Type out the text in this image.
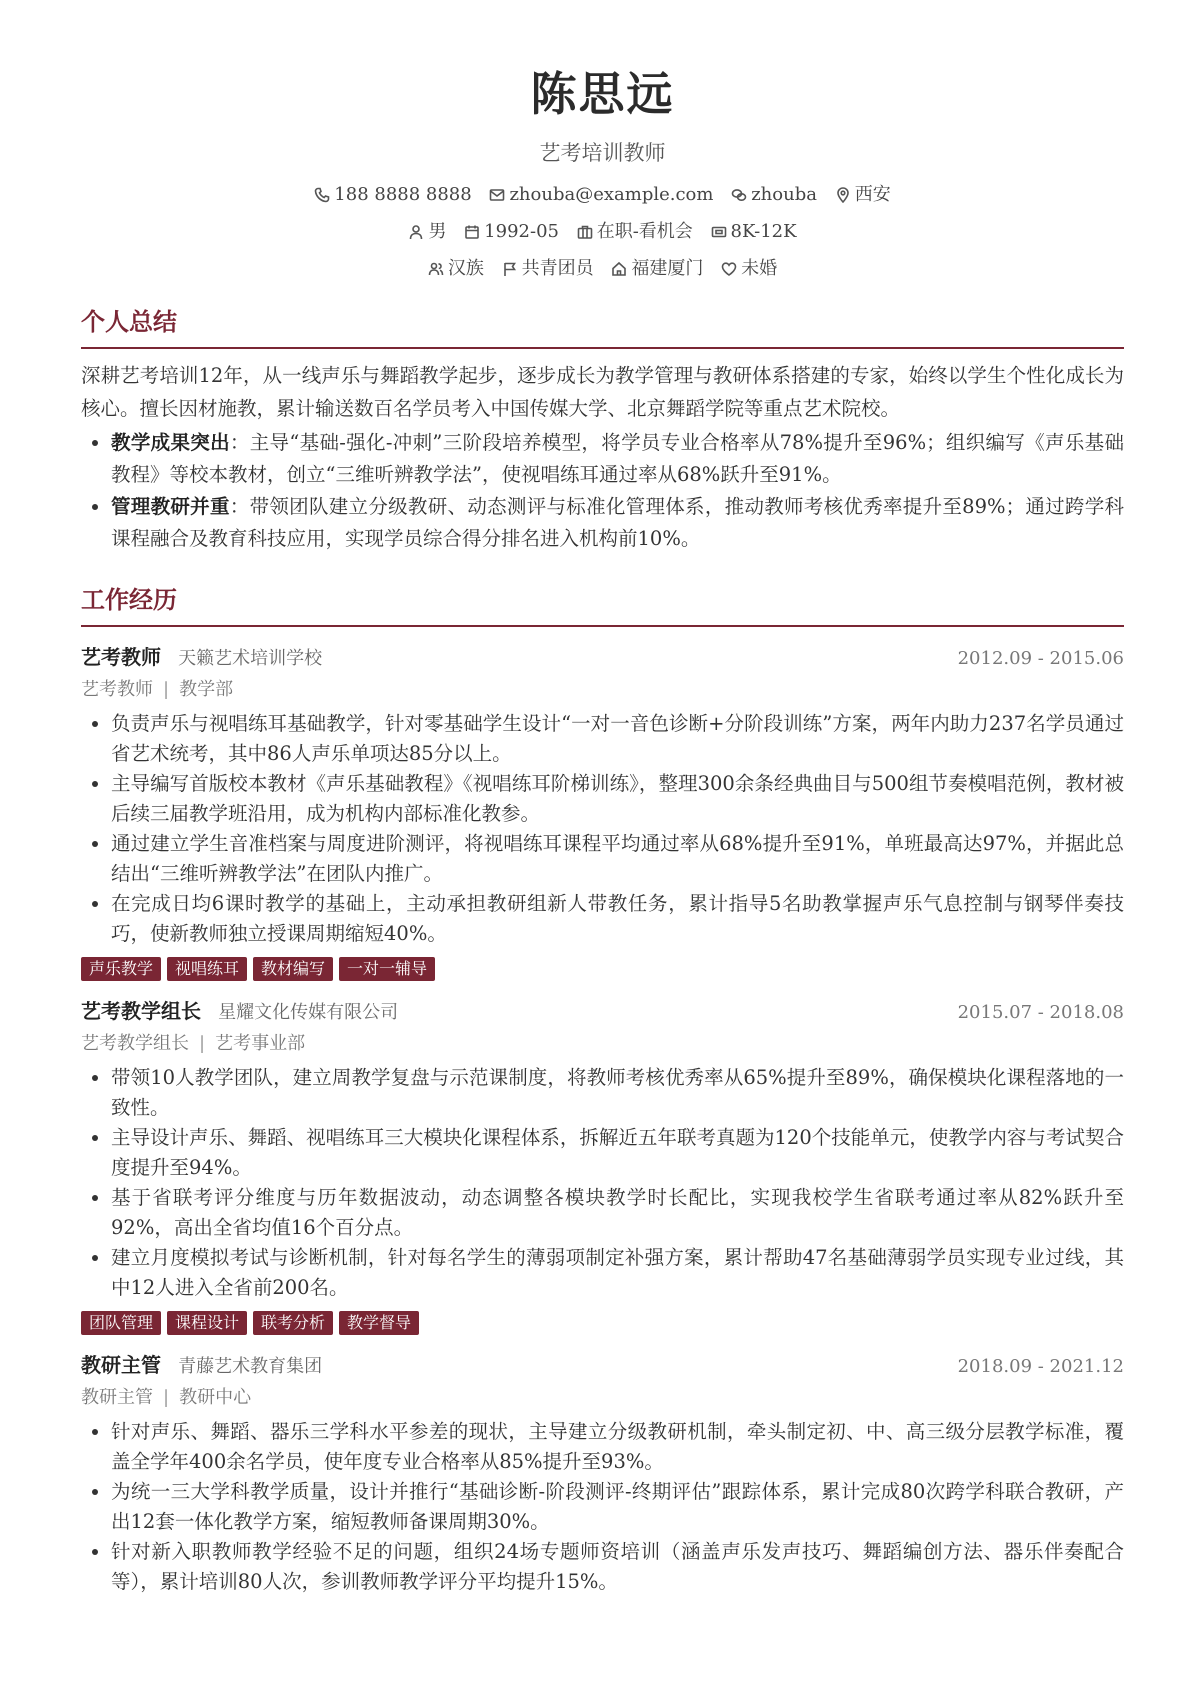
陈思远
艺考培训教师
188 8888 8888
zhouba@example.com
zhouba
西安
男
1992-05
在职-看机会
8K-12K
汉族
共青团员
福建厦门
未婚
个人总结
深耕艺考培训12年，从一线声乐与舞蹈教学起步，逐步成长为教学管理与教研体系搭建的专家，始终以学生个性化成长为核心。擅长因材施教，累计输送数百名学员考入中国传媒大学、北京舞蹈学院等重点艺术院校。
• 教学成果突出：主导“基础-强化-冲刺”三阶段培养模型，将学员专业合格率从78%提升至96%；组织编写《声乐基础教程》等校本教材，创立“三维听辨教学法”，使视唱练耳通过率从68%跃升至91%。
• 管理教研并重：带领团队建立分级教研、动态测评与标准化管理体系，推动教师考核优秀率提升至89%；通过跨学科课程融合及教育科技应用，实现学员综合得分排名进入机构前10%。
工作经历
艺考教师 天籁艺术培训学校	2012.09 - 2015.06
艺考教师 | 教学部
• 负责声乐与视唱练耳基础教学，针对零基础学生设计“一对一音色诊断+分阶段训练”方案，两年内助力237名学员通过省艺术统考，其中86人声乐单项达85分以上。
• 主导编写首版校本教材《声乐基础教程》《视唱练耳阶梯训练》，整理300余条经典曲目与500组节奏模唱范例，教材被后续三届教学班沿用，成为机构内部标准化教参。
• 通过建立学生音准档案与周度进阶测评，将视唱练耳课程平均通过率从68%提升至91%，单班最高达97%，并据此总结出“三维听辨教学法”在团队内推广。
• 在完成日均6课时教学的基础上，主动承担教研组新人带教任务，累计指导5名助教掌握声乐气息控制与钢琴伴奏技巧，使新教师独立授课周期缩短40%。
声乐教学	视唱练耳	教材编写	一对一辅导
艺考教学组长 星耀文化传媒有限公司	2015.07 - 2018.08
艺考教学组长 | 艺考事业部
• 带领10人教学团队，建立周教学复盘与示范课制度，将教师考核优秀率从65%提升至89%，确保模块化课程落地的一致性。
• 主导设计声乐、舞蹈、视唱练耳三大模块化课程体系，拆解近五年联考真题为120个技能单元，使教学内容与考试契合度提升至94%。
• 基于省联考评分维度与历年数据波动，动态调整各模块教学时长配比，实现我校学生省联考通过率从82%跃升至92%，高出全省均值16个百分点。
• 建立月度模拟考试与诊断机制，针对每名学生的薄弱项制定补强方案，累计帮助47名基础薄弱学员实现专业过线，其中12人进入全省前200名。
团队管理	课程设计	联考分析	教学督导
教研主管 青藤艺术教育集团	2018.09 - 2021.12
教研主管 | 教研中心
• 针对声乐、舞蹈、器乐三学科水平参差的现状，主导建立分级教研机制，牵头制定初、中、高三级分层教学标准，覆盖全学年400余名学员，使年度专业合格率从85%提升至93%。
• 为统一三大学科教学质量，设计并推行“基础诊断-阶段测评-终期评估”跟踪体系，累计完成80次跨学科联合教研，产出12套一体化教学方案，缩短教师备课周期30%。
• 针对新入职教师教学经验不足的问题，组织24场专题师资培训（涵盖声乐发声技巧、舞蹈编创方法、器乐伴奏配合等），累计培训80人次，参训教师教学评分平均提升15%。
